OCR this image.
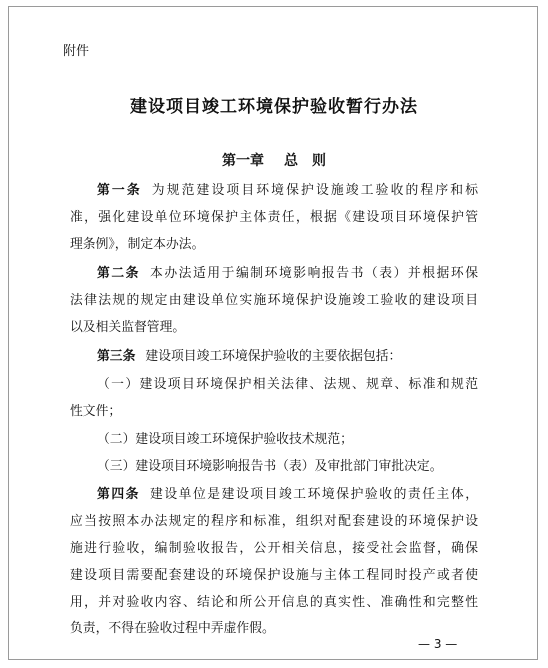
附件
建设项目竣工环境保护验收暂行办法
第一章 总　则
第一条 为规范建设项目环境保护设施竣工验收的程序和标
准，强化建设单位环境保护主体责任，根据《建设项目环境保护管
理条例》，制定本办法。
第二条 本办法适用于编制环境影响报告书（表）并根据环保
法律法规的规定由建设单位实施环境保护设施竣工验收的建设项目
以及相关监督管理。
第三条 建设项目竣工环境保护验收的主要依据包括：
（一）建设项目环境保护相关法律、法规、规章、标准和规范
性文件；
（二）建设项目竣工环境保护验收技术规范；
（三）建设项目环境影响报告书（表）及审批部门审批决定。
第四条 建设单位是建设项目竣工环境保护验收的责任主体，
应当按照本办法规定的程序和标准，组织对配套建设的环境保护设
施进行验收，编制验收报告，公开相关信息，接受社会监督，确保
建设项目需要配套建设的环境保护设施与主体工程同时投产或者使
用，并对验收内容、结论和所公开信息的真实性、准确性和完整性
负责，不得在验收过程中弄虚作假。
— 3 —
